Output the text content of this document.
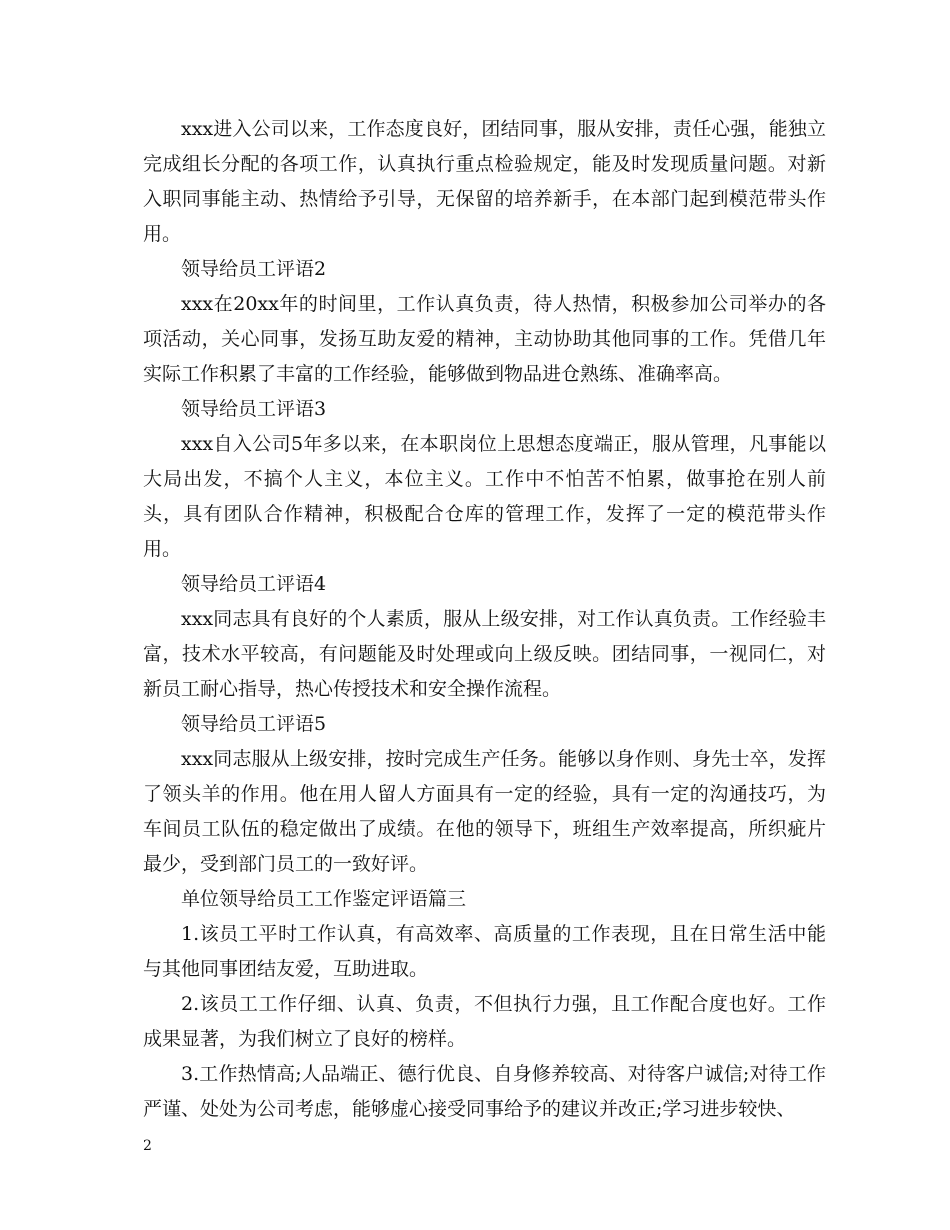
xxx进入公司以来，工作态度良好，团结同事，服从安排，责任心强，能独立完成组长分配的各项工作，认真执行重点检验规定，能及时发现质量问题。对新入职同事能主动、热情给予引导，无保留的培养新手，在本部门起到模范带头作用。

领导给员工评语2

xxx在20xx年的时间里，工作认真负责，待人热情，积极参加公司举办的各项活动，关心同事，发扬互助友爱的精神，主动协助其他同事的工作。凭借几年实际工作积累了丰富的工作经验，能够做到物品进仓熟练、准确率高。

领导给员工评语3

xxx自入公司5年多以来，在本职岗位上思想态度端正，服从管理，凡事能以大局出发，不搞个人主义，本位主义。工作中不怕苦不怕累，做事抢在别人前头，具有团队合作精神，积极配合仓库的管理工作，发挥了一定的模范带头作用。

领导给员工评语4

xxx同志具有良好的个人素质，服从上级安排，对工作认真负责。工作经验丰富，技术水平较高，有问题能及时处理或向上级反映。团结同事，一视同仁，对新员工耐心指导，热心传授技术和安全操作流程。

领导给员工评语5

xxx同志服从上级安排，按时完成生产任务。能够以身作则、身先士卒，发挥了领头羊的作用。他在用人留人方面具有一定的经验，具有一定的沟通技巧，为车间员工队伍的稳定做出了成绩。在他的领导下，班组生产效率提高，所织疵片最少，受到部门员工的一致好评。

单位领导给员工工作鉴定评语篇三

1.该员工平时工作认真，有高效率、高质量的工作表现，且在日常生活中能与其他同事团结友爱，互助进取。

2.该员工工作仔细、认真、负责，不但执行力强，且工作配合度也好。工作成果显著，为我们树立了良好的榜样。

3.工作热情高;人品端正、德行优良、自身修养较高、对待客户诚信;对待工作严谨、处处为公司考虑，能够虚心接受同事给予的建议并改正;学习进步较快、

2
